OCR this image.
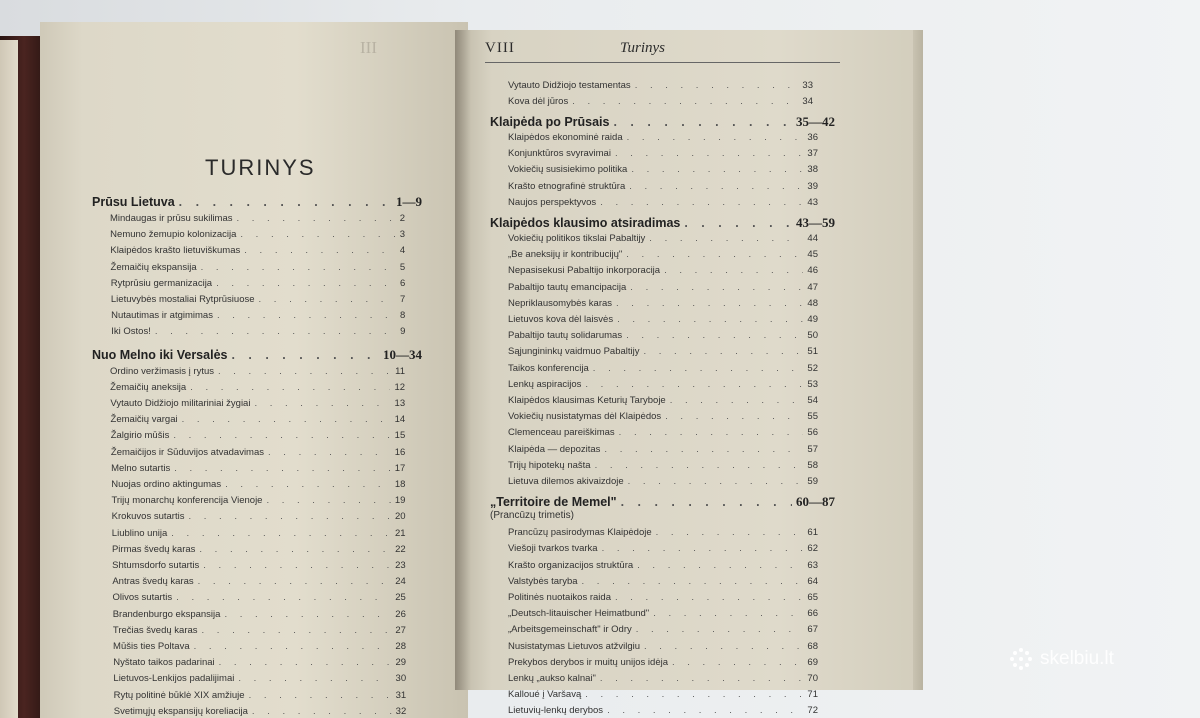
III
TURINYS
VIII	Turinys
Prūsu Lietuva . . .	1—9
Mindaugas ir prūsu sukilimas . . .	2
Nemuno žemupio kolonizacija . . .	3
Klaipėdos krašto lietuviškumas . . .	4
Žemaičių ekspansija . . .	5
Rytprūsiu germanizacija . . .	6
Lietuvybės mostaliai Rytprūsiuose . . .	7
Nutautimas ir atgimimas . . .	8
Iki Ostos! . . .	9
Nuo Melno iki Versalės . . .	10—34
Ordino veržimasis į rytus . . .	11
Žemaičių aneksija . . .	12
Vytauto Didžiojo militariniai žygiai . . .	13
Žemaičių vargai . . .	14
Žalgirio mūšis . . .	15
Žemaičijos ir Sūduvijos atvadavimas . . .	16
Melno sutartis . . .	17
Nuojas ordino aktingumas . . .	18
Trijų monarchų konferencija Vienoje . . .	19
Krokuvos sutartis . . .	20
Liublino unija . . .	21
Pirmas švedų karas . . .	22
Shtumsdorfo sutartis . . .	23
Antras švedų karas . . .	24
Olivos sutartis . . .	25
Brandenburgo ekspansija . . .	26
Trečias švedų karas . . .	27
Mūšis ties Poltava . . .	28
Nyštato taikos padarinai . . .	29
Lietuvos-Lenkijos padalijimai . . .	30
Rytų politinė būklė XIX amžiuje . . .	31
Svetimųjų ekspansijų koreliacija . . .	32
Vytauto Didžiojo testamentas . . .	33
Kova dėl jūros . . .	34
Klaipėda po Prūsais . . .	35—42
Klaipėdos ekonominė raida . . .	36
Konjunktūros svyravimai . . .	37
Vokiečių susisiekimo politika . . .	38
Krašto etnografinė struktūra . . .	39
Naujos perspektyvos . . .	43
Klaipėdos klausimo atsiradimas . . .	43—59
Vokiečių politikos tikslai Pabaltijy . . .	44
„Be aneksijų ir kontribucijų" . . .	45
Nepasisekusi Pabaltijo inkorporacija . . .	46
Pabaltijo tautų emancipacija . . .	47
Nepriklausomybės karas . . .	48
Lietuvos kova dėl laisvės . . .	49
Pabaltijo tautų solidarumas . . .	50
Sąjungininkų vaidmuo Pabaltijy . . .	51
Taikos konferencija . . .	52
Lenkų aspiracijos . . .	53
Klaipėdos klausimas Keturių Taryboje . . .	54
Vokiečių nusistatymas dėl Klaipėdos . . .	55
Clemenceau pareiškimas . . .	56
Klaipėda — depozitas . . .	57
Trijų hipotekų našta . . .	58
Lietuva dilemos akivaizdoje . . .	59
„Territoire de Memel" . . .	60—87
(Prancūzų trimetis)
Prancūzų pasirodymas Klaipėdoje . . .	61
Viešoji tvarkos tvarka . . .	62
Krašto organizacijos struktūra . . .	63
Valstybės taryba . . .	64
Politinės nuotaikos raida . . .	65
„Deutsch-litauischer Heimatbund" . . .	66
„Arbeitsgemeinschaft" ir Odry . . .	67
Nusistatymas Lietuvos atžvilgiu . . .	68
Prekybos derybos ir muitų unijos idėja . . .	69
Lenkų „aukso kalnai" . . .	70
Kalloué į Varšavą . . .	71
Lietuvių-lenkų derybos . . .	72
skelbiu.lt
